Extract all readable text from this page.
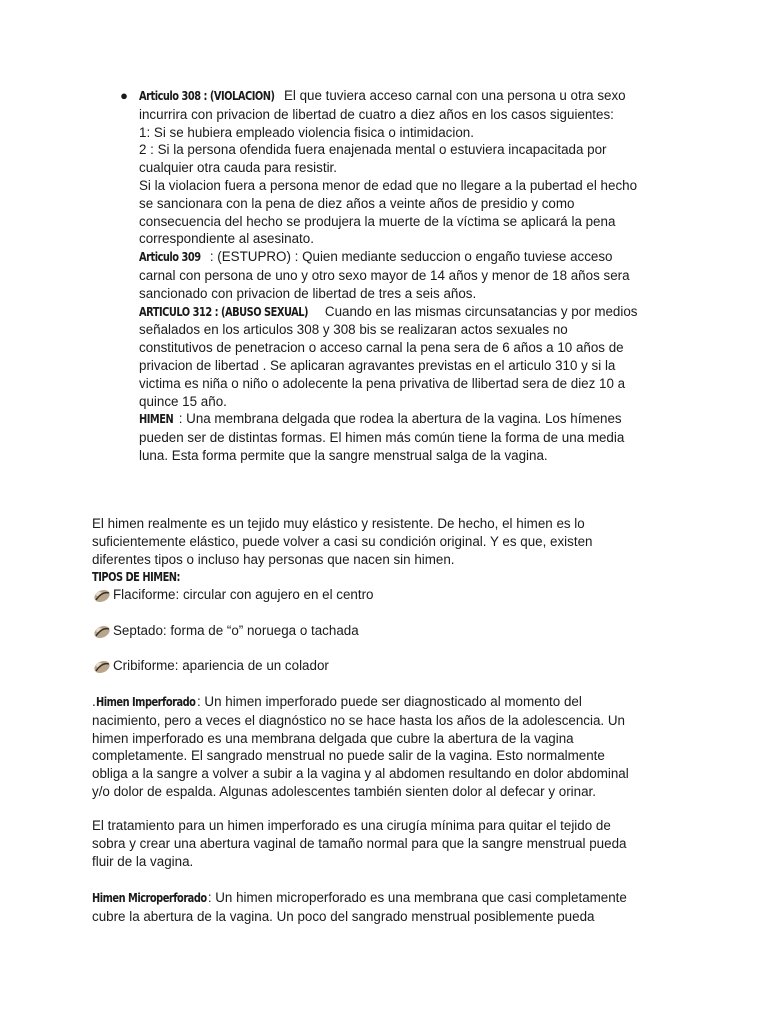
● Articulo 308 : (VIOLACION) El que tuviera acceso carnal con una persona u otra sexo

incurrira con privacion de libertad de cuatro a diez años en los casos siguientes:

1: Si se hubiera empleado violencia fisica o intimidacion.

2 : Si la persona ofendida fuera enajenada mental o estuviera incapacitada por

cualquier otra cauda para resistir.

Si la violacion fuera a persona menor de edad que no llegare a la pubertad el hecho

se sancionara con la pena de diez años a veinte años de presidio y como

consecuencia del hecho se produjera la muerte de la víctima se aplicará la pena

correspondiente al asesinato.

Articulo 309 : (ESTUPRO) : Quien mediante seduccion o engaño tuviese acceso

carnal con persona de uno y otro sexo mayor de 14 años y menor de 18 años sera

sancionado con privacion de libertad de tres a seis años.

ARTICULO 312 : (ABUSO SEXUAL) Cuando en las mismas circunsatancias y por medios

señalados en los articulos 308 y 308 bis se realizaran actos sexuales no

constitutivos de penetracion o acceso carnal la pena sera de 6 años a 10 años de

privacion de libertad . Se aplicaran agravantes previstas en el articulo 310 y si la

victima es niña o niño o adolecente la pena privativa de llibertad sera de diez 10 a

quince 15 año.

HIMEN : Una membrana delgada que rodea la abertura de la vagina. Los hímenes

pueden ser de distintas formas. El himen más común tiene la forma de una media

luna. Esta forma permite que la sangre menstrual salga de la vagina.

El himen realmente es un tejido muy elástico y resistente. De hecho, el himen es lo

suficientemente elástico, puede volver a casi su condición original. Y es que, existen

diferentes tipos o incluso hay personas que nacen sin himen.

TIPOS DE HIMEN:

Flaciforme: circular con agujero en el centro
Septado: forma de “o” noruega o tachada
Cribiforme: apariencia de un colador

.Himen Imperforado : Un himen imperforado puede ser diagnosticado al momento del

nacimiento, pero a veces el diagnóstico no se hace hasta los años de la adolescencia. Un

himen imperforado es una membrana delgada que cubre la abertura de la vagina

completamente. El sangrado menstrual no puede salir de la vagina. Esto normalmente

obliga a la sangre a volver a subir a la vagina y al abdomen resultando en dolor abdominal

y/o dolor de espalda. Algunas adolescentes también sienten dolor al defecar y orinar.

El tratamiento para un himen imperforado es una cirugía mínima para quitar el tejido de

sobra y crear una abertura vaginal de tamaño normal para que la sangre menstrual pueda

fluir de la vagina.

Himen Microperforado: Un himen microperforado es una membrana que casi completamente

cubre la abertura de la vagina. Un poco del sangrado menstrual posiblemente pueda
